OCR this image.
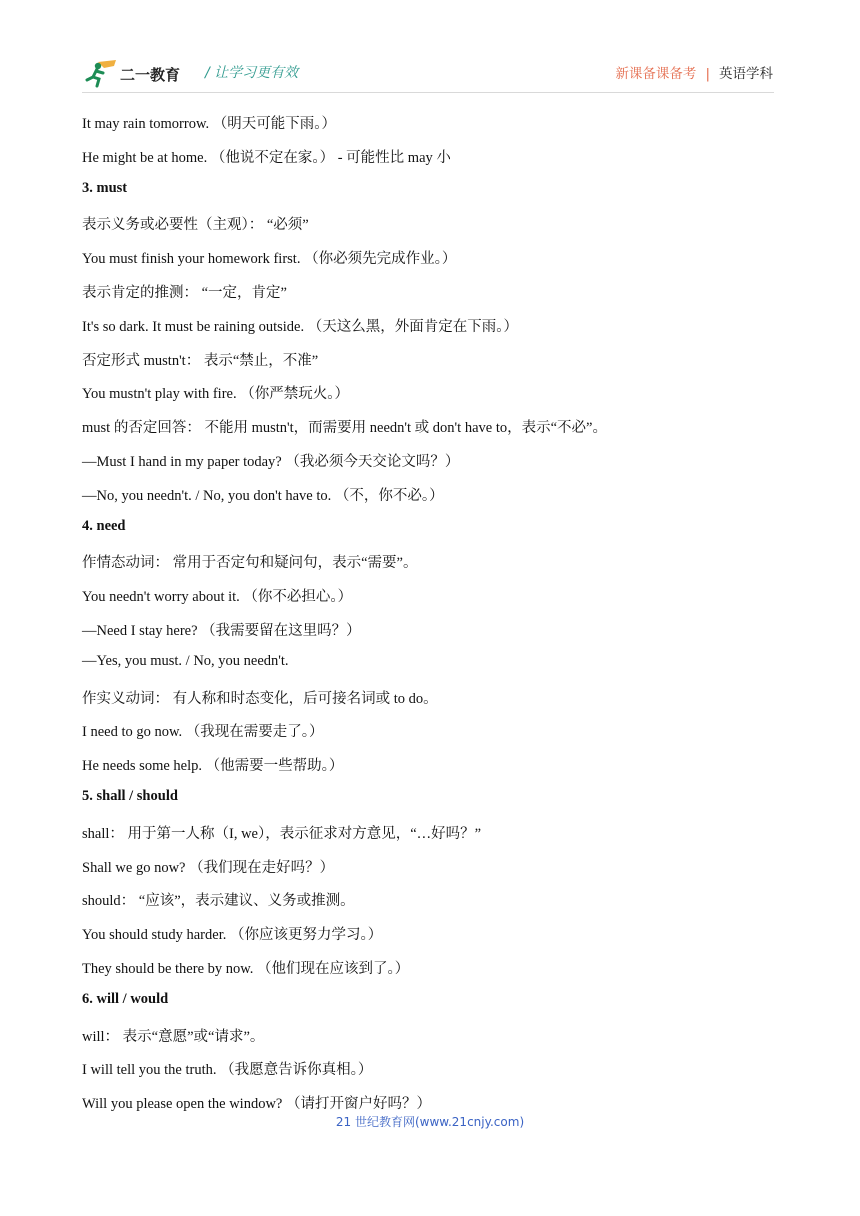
二一教育 / 让学习更有效	新课备课备考 | 英语学科
It may rain tomorrow. （明天可能下雨。）
He might be at home. （他说不定在家。） - 可能性比 may 小
3. must
表示义务或必要性（主观）： “必须”
You must finish your homework first. （你必须先完成作业。）
表示肯定的推测： “一定，肯定”
It's so dark. It must be raining outside. （天这么黑，外面肯定在下雨。）
否定形式 mustn't： 表示“禁止，不准”
You mustn't play with fire. （你严禁玩火。）
must 的否定回答： 不能用 mustn't，而需要用 needn't 或 don't have to，表示“不必”。
—Must I hand in my paper today? （我必须今天交论文吗？）
—No, you needn't. / No, you don't have to. （不，你不必。）
4. need
作情态动词： 常用于否定句和疑问句，表示“需要”。
You needn't worry about it. （你不必担心。）
—Need I stay here? （我需要留在这里吗？）
—Yes, you must. / No, you needn't.
作实义动词： 有人称和时态变化，后可接名词或 to do。
I need to go now. （我现在需要走了。）
He needs some help. （他需要一些帮助。）
5. shall / should
shall： 用于第一人称（I, we），表示征求对方意见，“…好吗？”
Shall we go now? （我们现在走好吗？）
should： “应该”，表示建议、义务或推测。
You should study harder. （你应该更努力学习。）
They should be there by now. （他们现在应该到了。）
6. will / would
will： 表示“意愿”或“请求”。
I will tell you the truth. （我愿意告诉你真相。）
Will you please open the window? （请打开窗户好吗？）
21 世纪教育网(www.21cnjy.com)
